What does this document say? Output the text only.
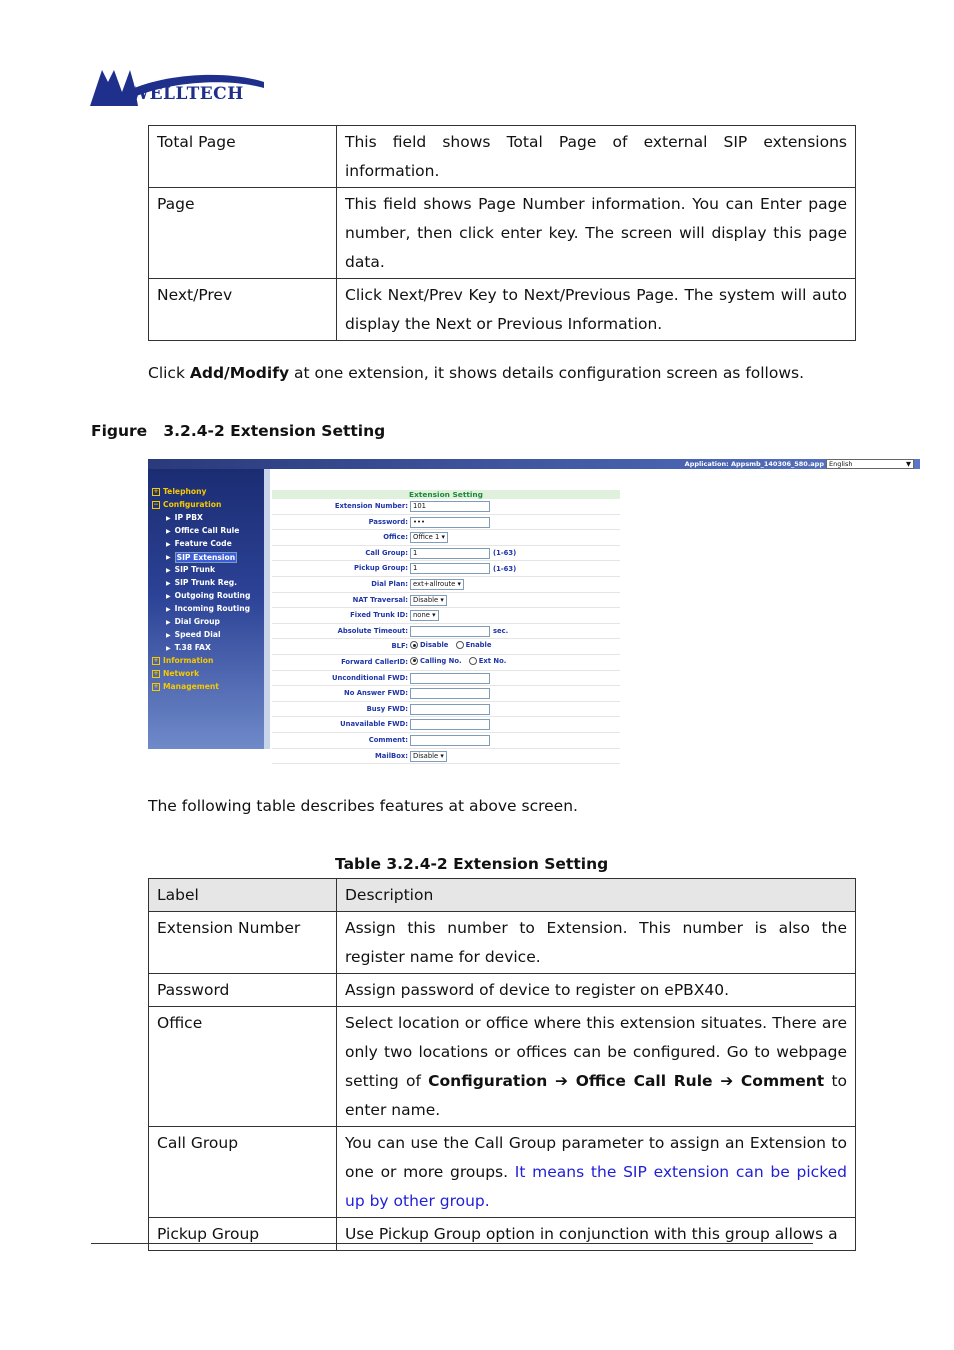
WELLTECH
Total Page	This field shows Total Page of external SIP extensions information.
Page	This field shows Page Number information. You can Enter page number, then click enter key. The screen will display this page data.
Next/Prev	Click Next/Prev Key to Next/Previous Page. The system will auto display the Next or Previous Information.
Click Add/Modify at one extension, it shows details configuration screen as follows.
Figure   3.2.4-2 Extension Setting
Application: Appsmb_140306_580.app English	▼
+ Telephony
− Configuration
▶ IP PBX
▶ Office Call Rule
▶ Feature Code
▶ SIP Extension
▶ SIP Trunk
▶ SIP Trunk Reg.
▶ Outgoing Routing
▶ Incoming Routing
▶ Dial Group
▶ Speed Dial
▶ T.38 FAX
+ Information
+ Network
+ Management
Extension Setting
Extension Number: 101
Password: •••
Office: Office 1 ▾
Call Group: 1	(1-63)
Pickup Group: 1	(1-63)
Dial Plan: ext+allroute ▾
NAT Traversal: Disable ▾
Fixed Trunk ID: none ▾
Absolute Timeout:	sec.
BLF:	Disable	Enable
Forward CallerID:	Calling No.	Ext No.
Unconditional FWD:
No Answer FWD:
Busy FWD:
Unavailable FWD:
Comment:
MailBox: Disable ▾
The following table describes features at above screen.
Table 3.2.4-2 Extension Setting
Label	Description
Extension Number	Assign this number to Extension. This number is also the register name for device.
Password	Assign password of device to register on ePBX40.
Office	Select location or office where this extension situates. There are only two locations or offices can be configured. Go to webpage setting of Configuration ➔ Office Call Rule ➔ Comment to enter name.
Call Group	You can use the Call Group parameter to assign an Extension to one or more groups. It means the SIP extension can be picked up by other group.
Pickup Group	Use Pickup Group option in conjunction with this group allows a
